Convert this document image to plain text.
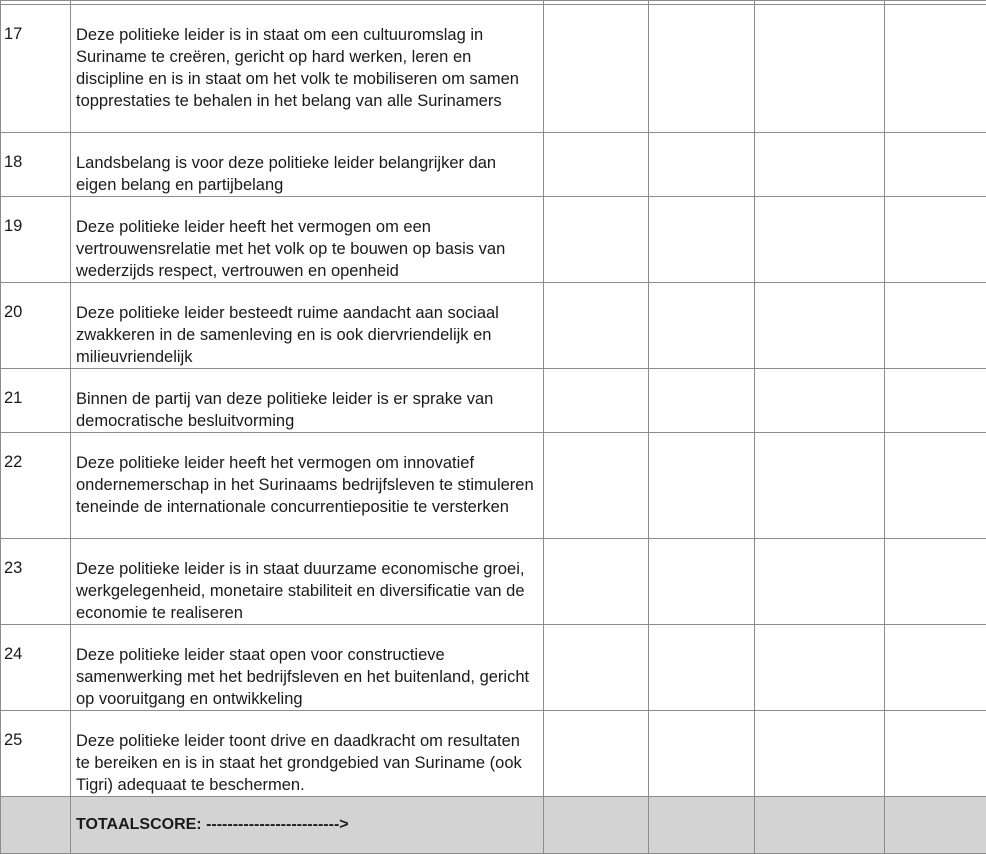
17	Deze politieke leider is in staat om een cultuuromslag in Suriname te creëren, gericht op hard werken, leren en discipline en is in staat om het volk te mobiliseren om samen topprestaties te behalen in het belang van alle Surinamers				
18	Landsbelang is voor deze politieke leider belangrijker dan eigen belang en partijbelang				
19	Deze politieke leider heeft het vermogen om een vertrouwensrelatie met het volk op te bouwen op basis van wederzijds respect, vertrouwen en openheid				
20	Deze politieke leider besteedt ruime aandacht aan sociaal zwakkeren in de samenleving en is ook diervriendelijk en milieuvriendelijk				
21	Binnen de partij van deze politieke leider is er sprake van democratische besluitvorming				
22	Deze politieke leider heeft het vermogen om innovatief ondernemerschap in het Surinaams bedrijfsleven te stimuleren teneinde de internationale concurrentiepositie te versterken				
23	Deze politieke leider is in staat duurzame economische groei, werkgelegenheid, monetaire stabiliteit en diversificatie van de economie te realiseren				
24	Deze politieke leider staat open voor constructieve samenwerking met het bedrijfsleven en het buitenland, gericht op vooruitgang en ontwikkeling				
25	Deze politieke leider toont drive en daadkracht om resultaten te bereiken en is in staat het grondgebied van Suriname (ook Tigri) adequaat te beschermen.				
	TOTAALSCORE: ------------------------->				
